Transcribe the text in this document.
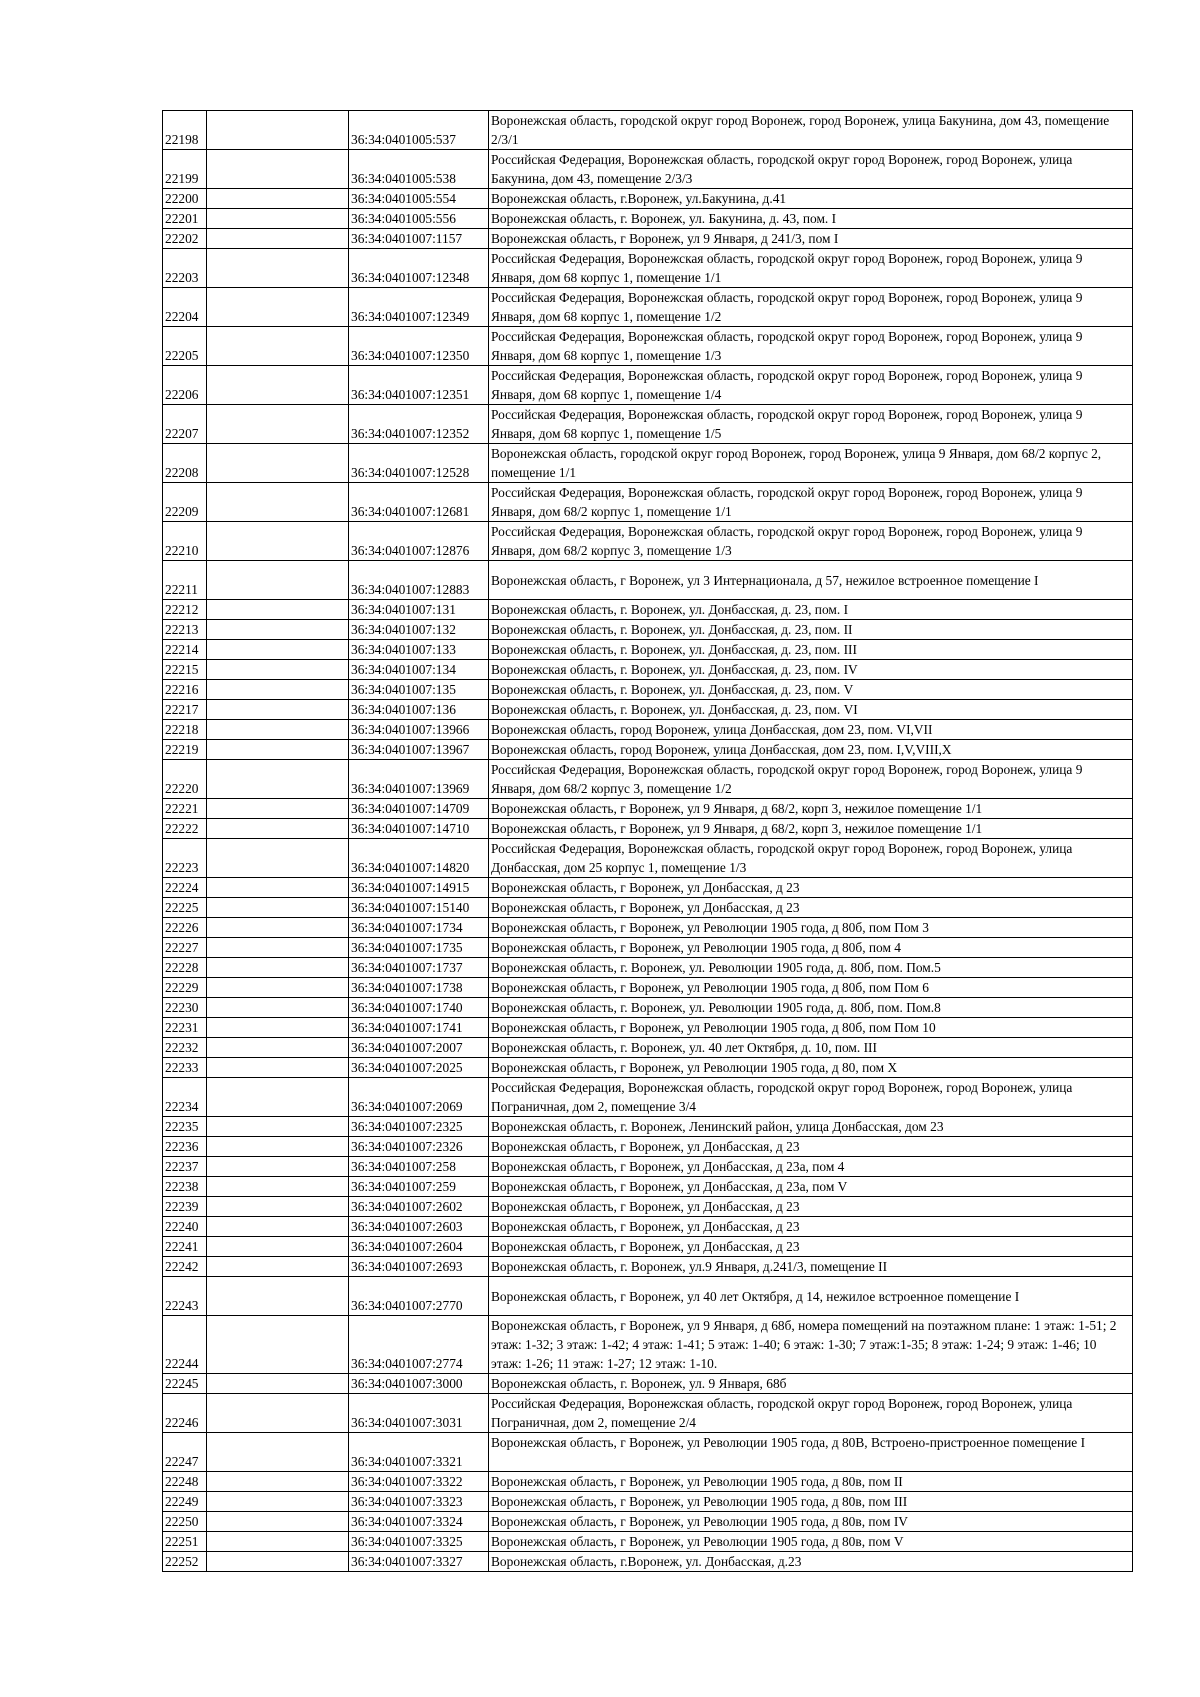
22198		36:34:0401005:537	Воронежская область, городской округ город Воронеж, город Воронеж, улица Бакунина, дом 43, помещение 2/3/1
22199		36:34:0401005:538	Российская Федерация, Воронежская область, городской округ город Воронеж, город Воронеж, улица Бакунина, дом 43, помещение 2/3/3
22200		36:34:0401005:554	Воронежская область, г.Воронеж, ул.Бакунина, д.41
22201		36:34:0401005:556	Воронежская область, г. Воронеж, ул. Бакунина, д. 43, пом. I
22202		36:34:0401007:1157	Воронежская область, г Воронеж, ул 9 Января, д 241/3, пом I
22203		36:34:0401007:12348	Российская Федерация, Воронежская область, городской округ город Воронеж, город Воронеж, улица 9 Января, дом 68 корпус 1, помещение 1/1
22204		36:34:0401007:12349	Российская Федерация, Воронежская область, городской округ город Воронеж, город Воронеж, улица 9 Января, дом 68 корпус 1, помещение 1/2
22205		36:34:0401007:12350	Российская Федерация, Воронежская область, городской округ город Воронеж, город Воронеж, улица 9 Января, дом 68 корпус 1, помещение 1/3
22206		36:34:0401007:12351	Российская Федерация, Воронежская область, городской округ город Воронеж, город Воронеж, улица 9 Января, дом 68 корпус 1, помещение 1/4
22207		36:34:0401007:12352	Российская Федерация, Воронежская область, городской округ город Воронеж, город Воронеж, улица 9 Января, дом 68 корпус 1, помещение 1/5
22208		36:34:0401007:12528	Воронежская область, городской округ город Воронеж, город Воронеж, улица 9 Января, дом 68/2 корпус 2, помещение 1/1
22209		36:34:0401007:12681	Российская Федерация, Воронежская область, городской округ город Воронеж, город Воронеж, улица 9 Января, дом 68/2 корпус 1, помещение 1/1
22210		36:34:0401007:12876	Российская Федерация, Воронежская область, городской округ город Воронеж, город Воронеж, улица 9 Января, дом 68/2 корпус 3, помещение 1/3
22211		36:34:0401007:12883	Воронежская область, г Воронеж, ул 3 Интернационала, д 57, нежилое встроенное помещение I
22212		36:34:0401007:131	Воронежская область, г. Воронеж, ул. Донбасская, д. 23, пом. I
22213		36:34:0401007:132	Воронежская область, г. Воронеж, ул. Донбасская, д. 23, пом. II
22214		36:34:0401007:133	Воронежская область, г. Воронеж, ул. Донбасская, д. 23, пом. III
22215		36:34:0401007:134	Воронежская область, г. Воронеж, ул. Донбасская, д. 23, пом. IV
22216		36:34:0401007:135	Воронежская область, г. Воронеж, ул. Донбасская, д. 23, пом. V
22217		36:34:0401007:136	Воронежская область, г. Воронеж, ул. Донбасская, д. 23, пом. VI
22218		36:34:0401007:13966	Воронежская область, город Воронеж, улица Донбасская, дом 23, пом. VI,VII
22219		36:34:0401007:13967	Воронежская область, город Воронеж, улица Донбасская, дом 23, пом. I,V,VIII,X
22220		36:34:0401007:13969	Российская Федерация, Воронежская область, городской округ город Воронеж, город Воронеж, улица 9 Января, дом 68/2 корпус 3, помещение 1/2
22221		36:34:0401007:14709	Воронежская область, г Воронеж, ул 9 Января, д 68/2, корп 3, нежилое помещение 1/1
22222		36:34:0401007:14710	Воронежская область, г Воронеж, ул 9 Января, д 68/2, корп 3, нежилое помещение 1/1
22223		36:34:0401007:14820	Российская Федерация, Воронежская область, городской округ город Воронеж, город Воронеж, улица Донбасская, дом 25 корпус 1, помещение 1/3
22224		36:34:0401007:14915	Воронежская область, г Воронеж, ул Донбасская, д 23
22225		36:34:0401007:15140	Воронежская область, г Воронеж, ул Донбасская, д 23
22226		36:34:0401007:1734	Воронежская область, г Воронеж, ул Революции 1905 года, д 80б, пом Пом 3
22227		36:34:0401007:1735	Воронежская область, г Воронеж, ул Революции 1905 года, д 80б, пом 4
22228		36:34:0401007:1737	Воронежская область, г. Воронеж, ул. Революции 1905 года, д. 80б, пом. Пом.5
22229		36:34:0401007:1738	Воронежская область, г Воронеж, ул Революции 1905 года, д 80б, пом Пом 6
22230		36:34:0401007:1740	Воронежская область, г. Воронеж, ул. Революции 1905 года, д. 80б, пом. Пом.8
22231		36:34:0401007:1741	Воронежская область, г Воронеж, ул Революции 1905 года, д 80б, пом Пом 10
22232		36:34:0401007:2007	Воронежская область, г. Воронеж, ул. 40 лет Октября, д. 10, пом. III
22233		36:34:0401007:2025	Воронежская область, г Воронеж, ул Революции 1905 года, д 80, пом X
22234		36:34:0401007:2069	Российская Федерация, Воронежская область, городской округ город Воронеж, город Воронеж, улица Пограничная, дом 2, помещение 3/4
22235		36:34:0401007:2325	Воронежская область, г. Воронеж, Ленинский район, улица Донбасская, дом 23
22236		36:34:0401007:2326	Воронежская область, г Воронеж, ул Донбасская, д 23
22237		36:34:0401007:258	Воронежская область, г Воронеж, ул Донбасская, д 23а, пом 4
22238		36:34:0401007:259	Воронежская область, г Воронеж, ул Донбасская, д 23а, пом V
22239		36:34:0401007:2602	Воронежская область, г Воронеж, ул Донбасская, д 23
22240		36:34:0401007:2603	Воронежская область, г Воронеж, ул Донбасская, д 23
22241		36:34:0401007:2604	Воронежская область, г Воронеж, ул Донбасская, д 23
22242		36:34:0401007:2693	Воронежская область, г. Воронеж, ул.9 Января, д.241/3, помещение II
22243		36:34:0401007:2770	Воронежская область, г Воронеж, ул 40 лет Октября, д 14, нежилое встроенное помещение I
22244		36:34:0401007:2774	Воронежская область, г Воронеж, ул 9 Января, д 68б, номера помещений на поэтажном плане: 1 этаж: 1-51; 2 этаж: 1-32; 3 этаж: 1-42; 4 этаж: 1-41; 5 этаж: 1-40; 6 этаж: 1-30; 7 этаж:1-35; 8 этаж: 1-24; 9 этаж: 1-46; 10 этаж: 1-26; 11 этаж: 1-27; 12 этаж: 1-10.
22245		36:34:0401007:3000	Воронежская область, г. Воронеж, ул. 9 Января, 68б
22246		36:34:0401007:3031	Российская Федерация, Воронежская область, городской округ город Воронеж, город Воронеж, улица Пограничная, дом 2, помещение 2/4
22247		36:34:0401007:3321	Воронежская область, г Воронеж, ул Революции 1905 года, д 80В, Встроено-пристроенное помещение I
22248		36:34:0401007:3322	Воронежская область, г Воронеж, ул Революции 1905 года, д 80в, пом II
22249		36:34:0401007:3323	Воронежская область, г Воронеж, ул Революции 1905 года, д 80в, пом III
22250		36:34:0401007:3324	Воронежская область, г Воронеж, ул Революции 1905 года, д 80в, пом IV
22251		36:34:0401007:3325	Воронежская область, г Воронеж, ул Революции 1905 года, д 80в, пом V
22252		36:34:0401007:3327	Воронежская область, г.Воронеж, ул. Донбасская, д.23
